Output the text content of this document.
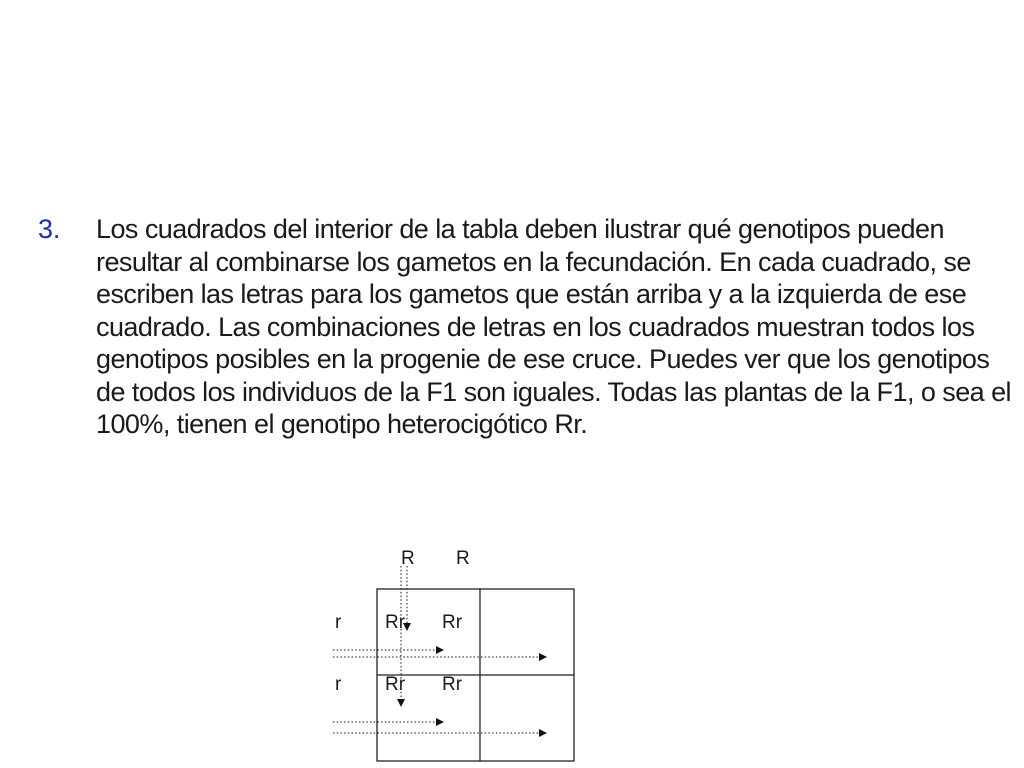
3.	Los cuadrados del interior de la tabla deben ilustrar qué genotipos pueden resultar al combinarse los gametos en la fecundación. En cada cuadrado, se escriben las letras para los gametos que están arriba y a la izquierda de ese cuadrado. Las combinaciones de letras en los cuadrados muestran todos los genotipos posibles en la progenie de ese cruce. Puedes ver que los genotipos de todos los individuos de la F1 son iguales. Todas las plantas de la F1, o sea el 100%, tienen el genotipo heterocigótico Rr.
R R
r
r
Rr Rr
Rr Rr
